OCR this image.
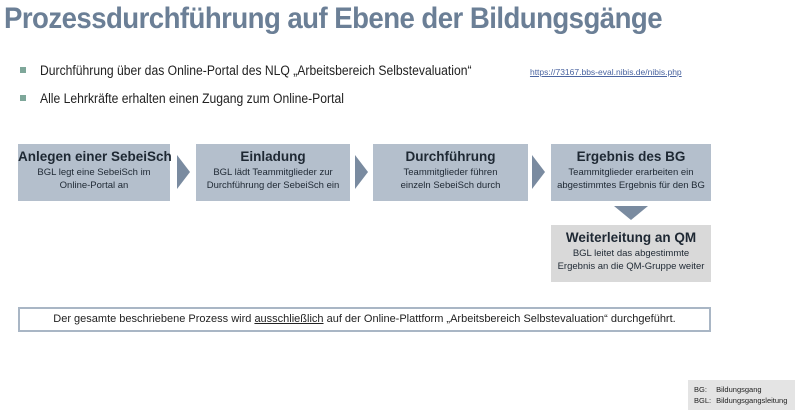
Prozessdurchführung auf Ebene der Bildungsgänge
Durchführung über das Online-Portal des NLQ „Arbeitsbereich Selbstevaluation“	https://73167.bbs-eval.nibis.de/nibis.php
Alle Lehrkräfte erhalten einen Zugang zum Online-Portal
Anlegen einer SebeiSch
BGL legt eine SebeiSch im
Online-Portal an
Einladung
BGL lädt Teammitglieder zur
Durchführung der SebeiSch ein
Durchführung
Teammitglieder führen
einzeln SebeiSch durch
Ergebnis des BG
Teammitglieder erarbeiten ein
abgestimmtes Ergebnis für den BG
Weiterleitung an QM
BGL leitet das abgestimmte
Ergebnis an die QM-Gruppe weiter
Der gesamte beschriebene Prozess wird ausschließlich auf der Online-Plattform „Arbeitsbereich Selbstevaluation“ durchgeführt.
BG: Bildungsgang
BGL: Bildungsgangsleitung
